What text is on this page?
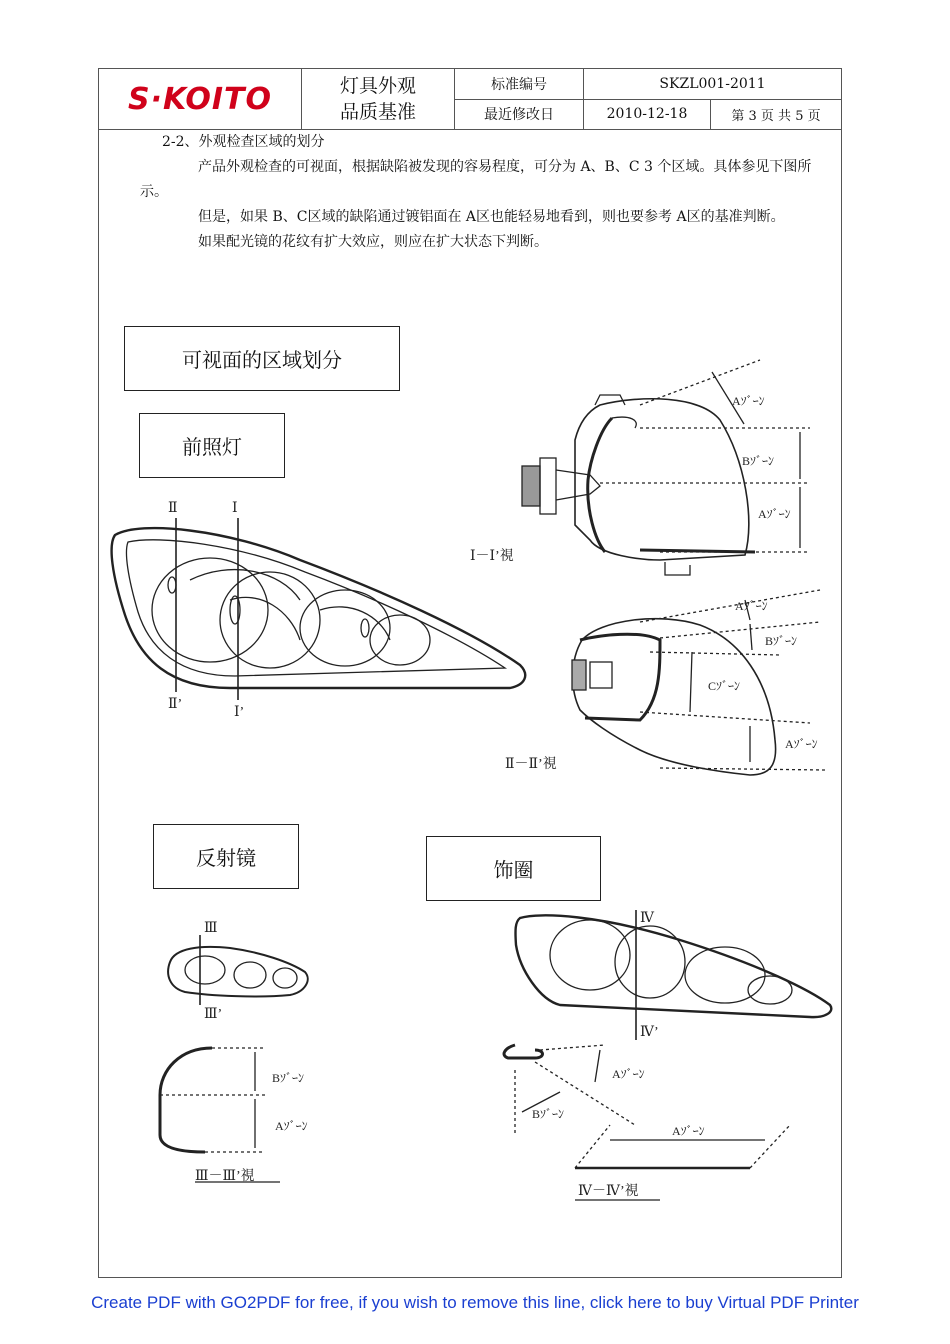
S·KOITO	灯具外观
品质基准	标准编号	SKZL001-2011	
		最近修改日	2010-12-18	第 3 页 共 5 页

2-2、外观检查区域的划分

产品外观检查的可视面，根据缺陷被发现的容易程度，可分为 A、B、C 3 个区域。具体参见下图所示。

但是，如果 B、C区域的缺陷通过镀铝面在 A区也能轻易地看到，则也要参考 A区的基准判断。

如果配光镜的花纹有扩大效应，则应在扩大状态下判断。

Ⅱ	Ⅰ
Ⅱ’
Ⅰ’
Ⅰ－Ⅰ’視
Ⅱ－Ⅱ’視
Aｿﾞｰﾝ
Bｿﾞｰﾝ
Aｿﾞｰﾝ
Aｿﾞｰﾝ
Bｿﾞｰﾝ
Cｿﾞｰﾝ
Aｿﾞｰﾝ
Ⅲ
Ⅲ’
Bｿﾞｰﾝ
Aｿﾞｰﾝ
Ⅲ－Ⅲ’視
Ⅳ
Ⅳ’
Aｿﾞｰﾝ
Bｿﾞｰﾝ
Aｿﾞｰﾝ
Ⅳ－Ⅳ’視
可视面的区域划分
前照灯
反射镜	饰圈
Create PDF with GO2PDF for free, if you wish to remove this line, click here to buy Virtual PDF Printer
